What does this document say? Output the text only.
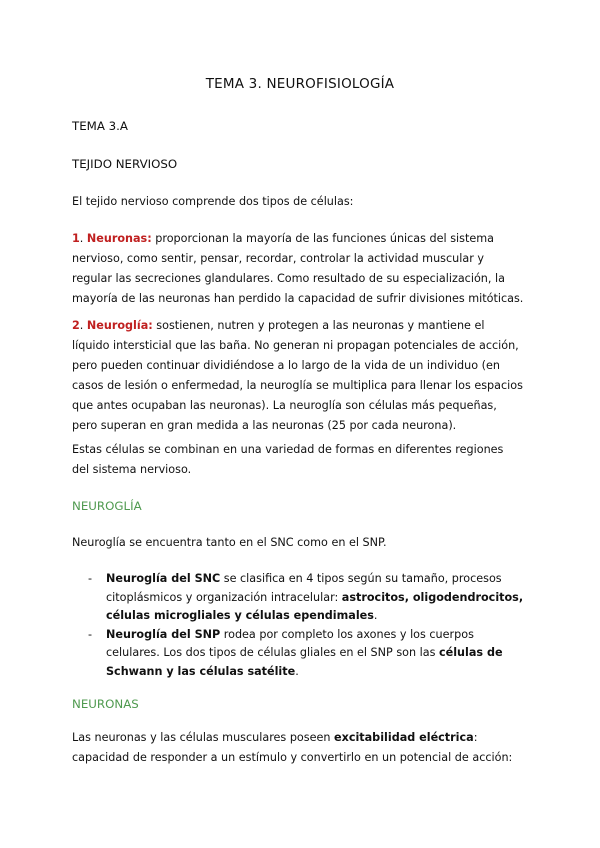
TEMA 3. NEUROFISIOLOGÍA

TEMA 3.A

TEJIDO NERVIOSO

El tejido nervioso comprende dos tipos de células:

1. Neuronas: proporcionan la mayoría de las funciones únicas del sistema nervioso, como sentir, pensar, recordar, controlar la actividad muscular y regular las secreciones glandulares. Como resultado de su especialización, la mayoría de las neuronas han perdido la capacidad de sufrir divisiones mitóticas.

2. Neuroglía: sostienen, nutren y protegen a las neuronas y mantiene el líquido intersticial que las baña. No generan ni propagan potenciales de acción, pero pueden continuar dividiéndose a lo largo de la vida de un individuo (en casos de lesión o enfermedad, la neuroglía se multiplica para llenar los espacios que antes ocupaban las neuronas). La neuroglía son células más pequeñas, pero superan en gran medida a las neuronas (25 por cada neurona).

Estas células se combinan en una variedad de formas en diferentes regiones del sistema nervioso.

NEUROGLÍA

Neuroglía se encuentra tanto en el SNC como en el SNP.

- Neuroglía del SNC se clasifica en 4 tipos según su tamaño, procesos citoplásmicos y organización intracelular: astrocitos, oligodendrocitos, células microgliales y células ependimales.
- Neuroglía del SNP rodea por completo los axones y los cuerpos celulares. Los dos tipos de células gliales en el SNP son las células de Schwann y las células satélite.

NEURONAS

Las neuronas y las células musculares poseen excitabilidad eléctrica: capacidad de responder a un estímulo y convertirlo en un potencial de acción:
